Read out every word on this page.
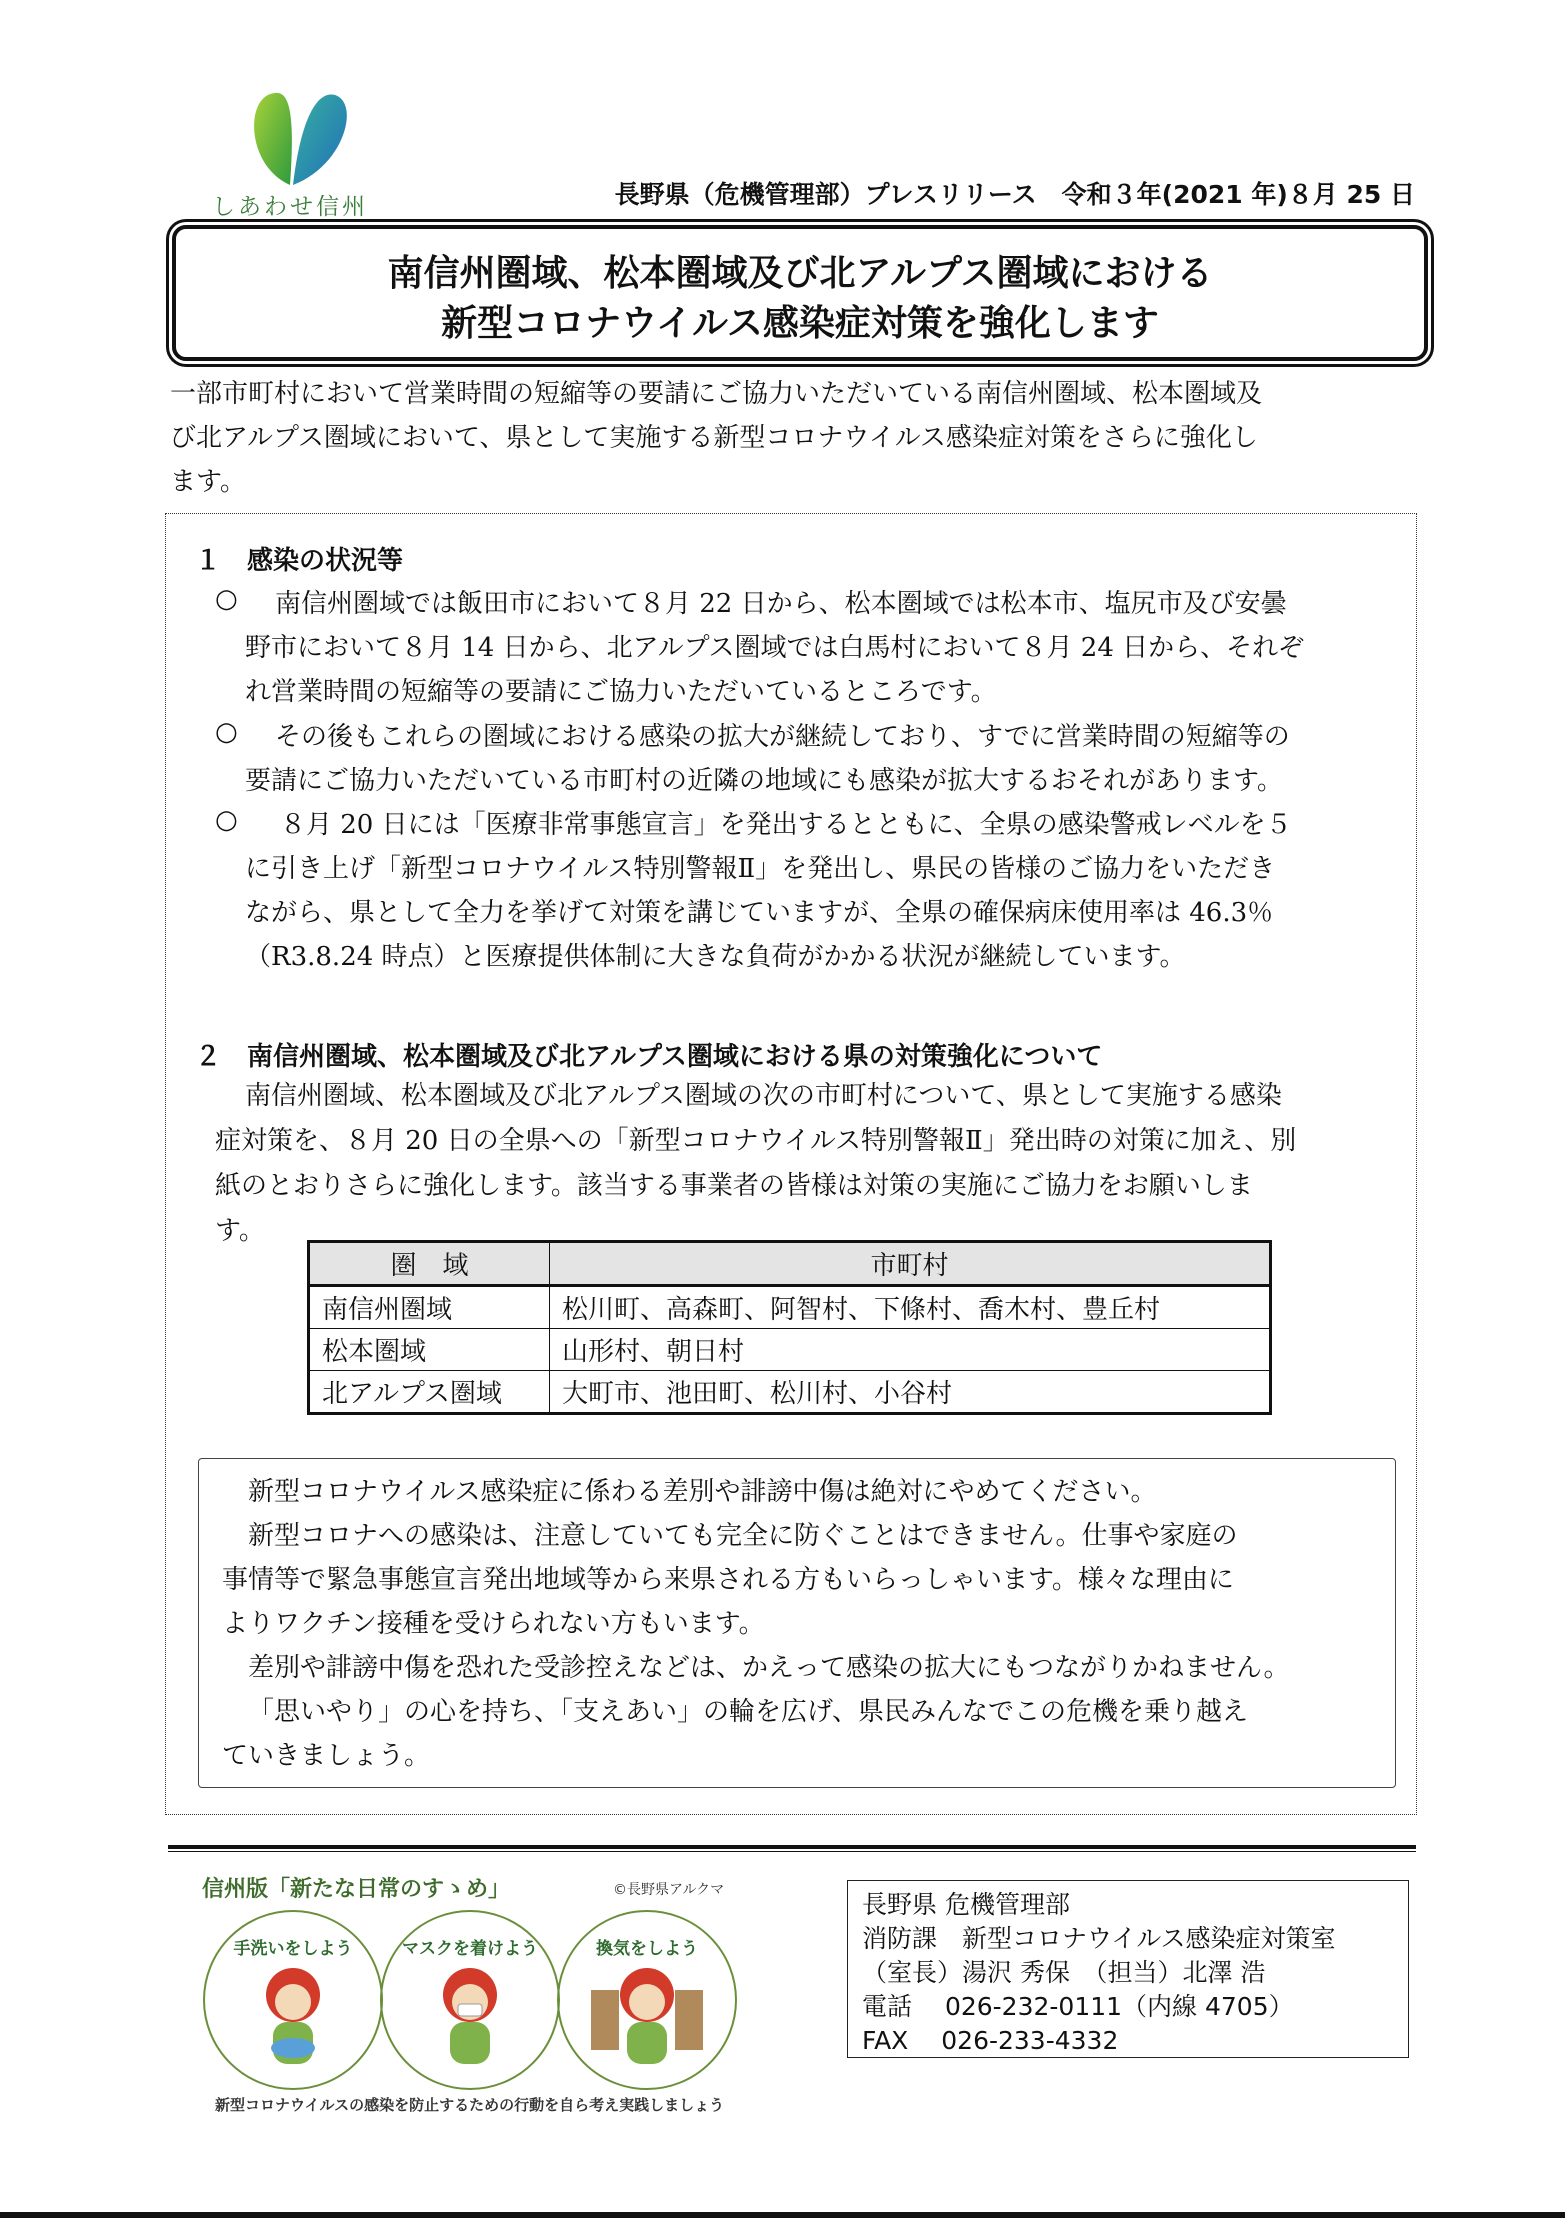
しあわせ信州	長野県（危機管理部）プレスリリース　令和３年(2021 年)８月 25 日
南信州圏域、松本圏域及び北アルプス圏域における
新型コロナウイルス感染症対策を強化します
一部市町村において営業時間の短縮等の要請にご協力いただいている南信州圏域、松本圏域及
び北アルプス圏域において、県として実施する新型コロナウイルス感染症対策をさらに強化し
ます。
１　感染の状況等
○ 南信州圏域では飯田市において８月 22 日から、松本圏域では松本市、塩尻市及び安曇
野市において８月 14 日から、北アルプス圏域では白馬村において８月 24 日から、それぞ
れ営業時間の短縮等の要請にご協力いただいているところです。
○ その後もこれらの圏域における感染の拡大が継続しており、すでに営業時間の短縮等の
要請にご協力いただいている市町村の近隣の地域にも感染が拡大するおそれがあります。
○ ８月 20 日には「医療非常事態宣言」を発出するとともに、全県の感染警戒レベルを５
に引き上げ「新型コロナウイルス特別警報Ⅱ」を発出し、県民の皆様のご協力をいただき
ながら、県として全力を挙げて対策を講じていますが、全県の確保病床使用率は 46.3％
（R3.8.24 時点）と医療提供体制に大きな負荷がかかる状況が継続しています。
２　南信州圏域、松本圏域及び北アルプス圏域における県の対策強化について
南信州圏域、松本圏域及び北アルプス圏域の次の市町村について、県として実施する感染
症対策を、８月 20 日の全県への「新型コロナウイルス特別警報Ⅱ」発出時の対策に加え、別
紙のとおりさらに強化します。該当する事業者の皆様は対策の実施にご協力をお願いしま
す。
圏　域	市町村
南信州圏域	松川町、高森町、阿智村、下條村、喬木村、豊丘村
松本圏域	山形村、朝日村
北アルプス圏域	大町市、池田町、松川村、小谷村
新型コロナウイルス感染症に係わる差別や誹謗中傷は絶対にやめてください。
新型コロナへの感染は、注意していても完全に防ぐことはできません。仕事や家庭の
事情等で緊急事態宣言発出地域等から来県される方もいらっしゃいます。様々な理由に
よりワクチン接種を受けられない方もいます。
差別や誹謗中傷を恐れた受診控えなどは、かえって感染の拡大にもつながりかねません。
「思いやり」の心を持ち、「支えあい」の輪を広げ、県民みんなでこの危機を乗り越え
ていきましょう。
信州版「新たな日常のすゝめ」	©長野県アルクマ
手洗いをしよう	マスクを着けよう	換気をしよう
新型コロナウイルスの感染を防止するための行動を自ら考え実践しましょう
長野県 危機管理部
消防課　新型コロナウイルス感染症対策室
（室長）湯沢 秀保　（担当）北澤 浩
電話　 026-232-0111（内線 4705）
FAX　 026-233-4332
